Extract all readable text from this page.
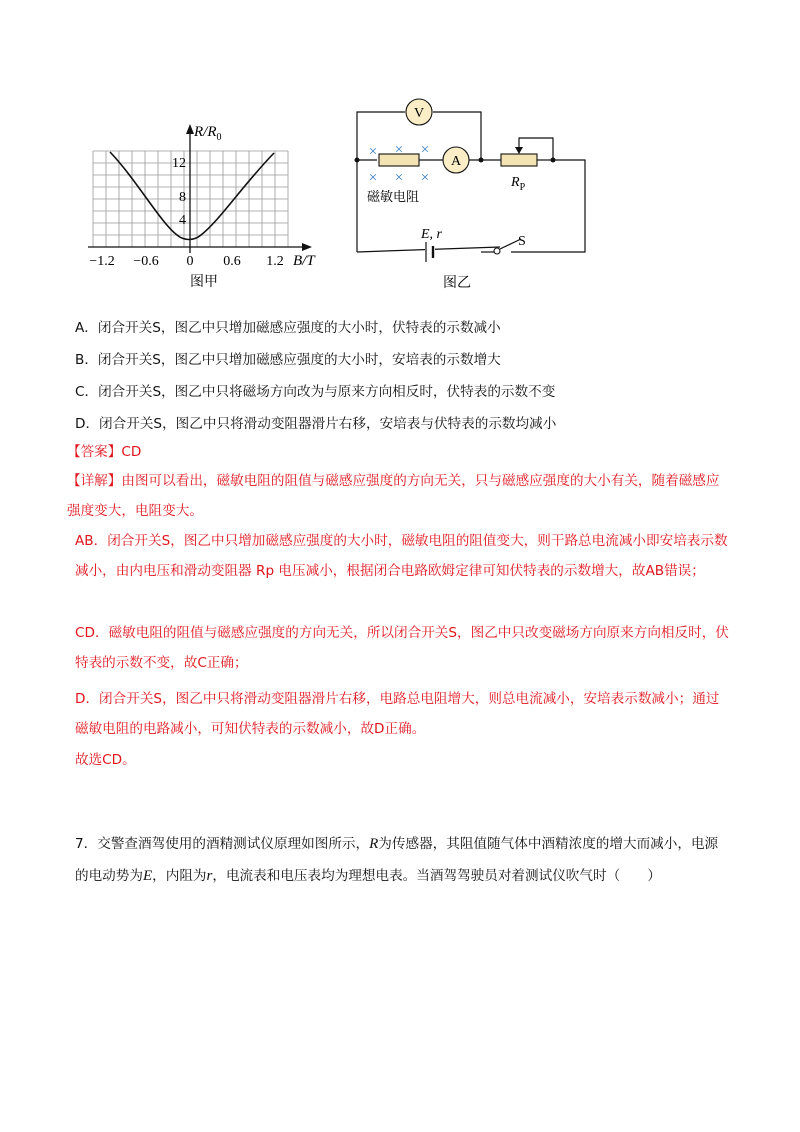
$R/R_0$
12
8
4
−1.2 −0.6 0 0.6 1.2 B/T
图甲
V
A
× × ×
× × ×
磁敏电阻
$R_P$
E, r	S
图乙
A．闭合开关S，图乙中只增加磁感应强度的大小时，伏特表的示数减小
B．闭合开关S，图乙中只增加磁感应强度的大小时，安培表的示数增大
C．闭合开关S，图乙中只将磁场方向改为与原来方向相反时，伏特表的示数不变
D．闭合开关S，图乙中只将滑动变阻器滑片右移，安培表与伏特表的示数均减小
【答案】CD
【详解】由图可以看出，磁敏电阻的阻值与磁感应强度的方向无关，只与磁感应强度的大小有关，随着磁感应强度变大，电阻变大。
AB．闭合开关S，图乙中只增加磁感应强度的大小时，磁敏电阻的阻值变大，则干路总电流减小即安培表示数减小，由内电压和滑动变阻器 Rp 电压减小，根据闭合电路欧姆定律可知伏特表的示数增大，故AB错误；
CD．磁敏电阻的阻值与磁感应强度的方向无关，所以闭合开关S，图乙中只改变磁场方向原来方向相反时，伏特表的示数不变，故C正确；
D．闭合开关S，图乙中只将滑动变阻器滑片右移，电路总电阻增大，则总电流减小，安培表示数减小；通过磁敏电阻的电路减小，可知伏特表的示数减小，故D正确。
故选CD。
7．交警查酒驾使用的酒精测试仪原理如图所示，R为传感器，其阻值随气体中酒精浓度的增大而减小，电源的电动势为E，内阻为r，电流表和电压表均为理想电表。当酒驾驾驶员对着测试仪吹气时（　　）
